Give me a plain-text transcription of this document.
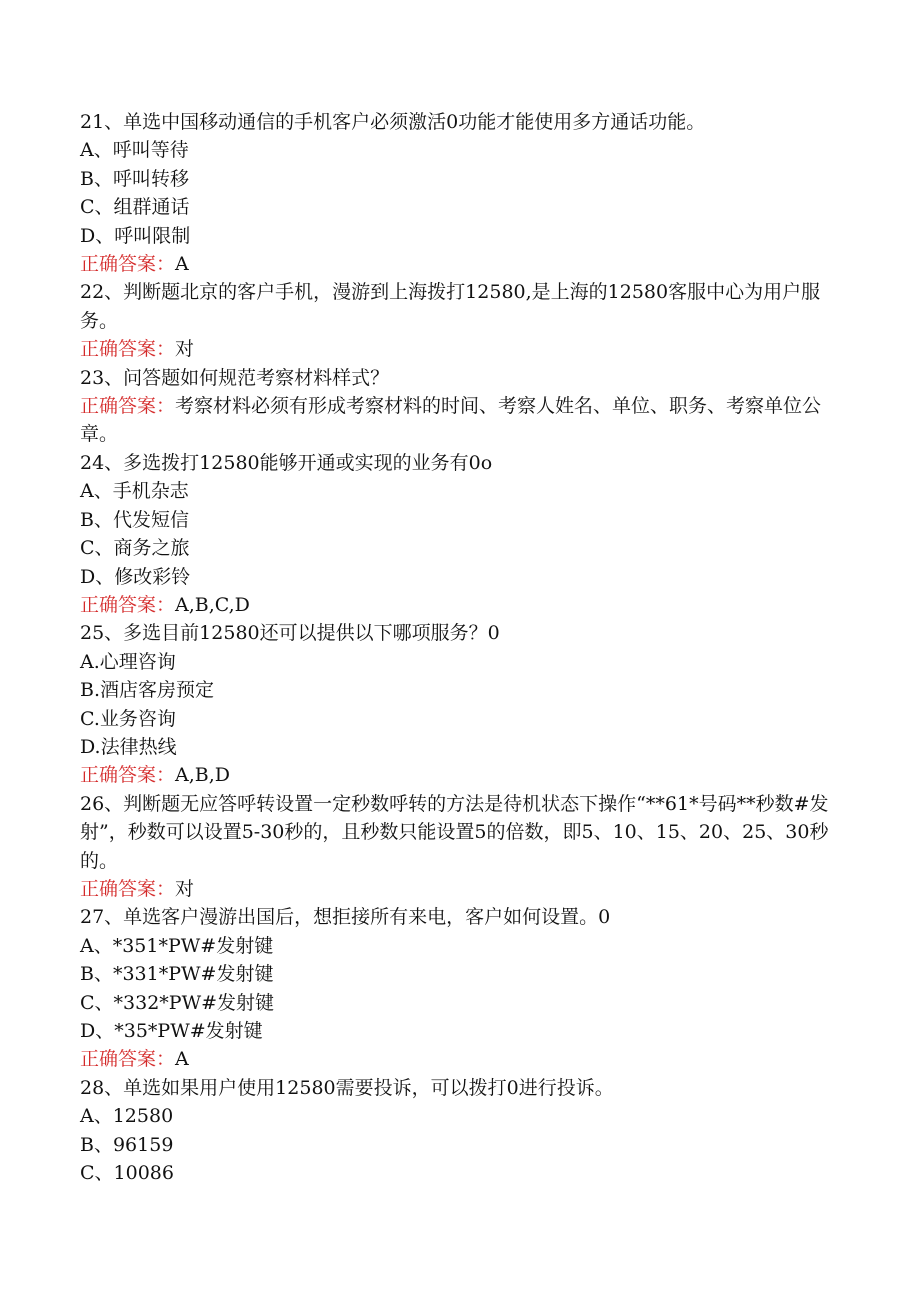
21、单选中国移动通信的手机客户必须激活0功能才能使用多方通话功能。

A、呼叫等待

B、呼叫转移

C、组群通话

D、呼叫限制

正确答案：A

22、判断题北京的客户手机，漫游到上海拨打12580,是上海的12580客服中心为用户服务。

正确答案：对

23、问答题如何规范考察材料样式？

正确答案：考察材料必须有形成考察材料的时间、考察人姓名、单位、职务、考察单位公章。

24、多选拨打12580能够开通或实现的业务有0o

A、手机杂志

B、代发短信

C、商务之旅

D、修改彩铃

正确答案：A,B,C,D

25、多选目前12580还可以提供以下哪项服务？0

A.心理咨询

B.酒店客房预定

C.业务咨询

D.法律热线

正确答案：A,B,D

26、判断题无应答呼转设置一定秒数呼转的方法是待机状态下操作“**61*号码**秒数#发射”，秒数可以设置5-30秒的，且秒数只能设置5的倍数，即5、10、15、20、25、30秒的。

正确答案：对

27、单选客户漫游出国后，想拒接所有来电，客户如何设置。0

A、*351*PW#发射键

B、*331*PW#发射键

C、*332*PW#发射键

D、*35*PW#发射键

正确答案：A

28、单选如果用户使用12580需要投诉，可以拨打0进行投诉。

A、12580

B、96159

C、10086
